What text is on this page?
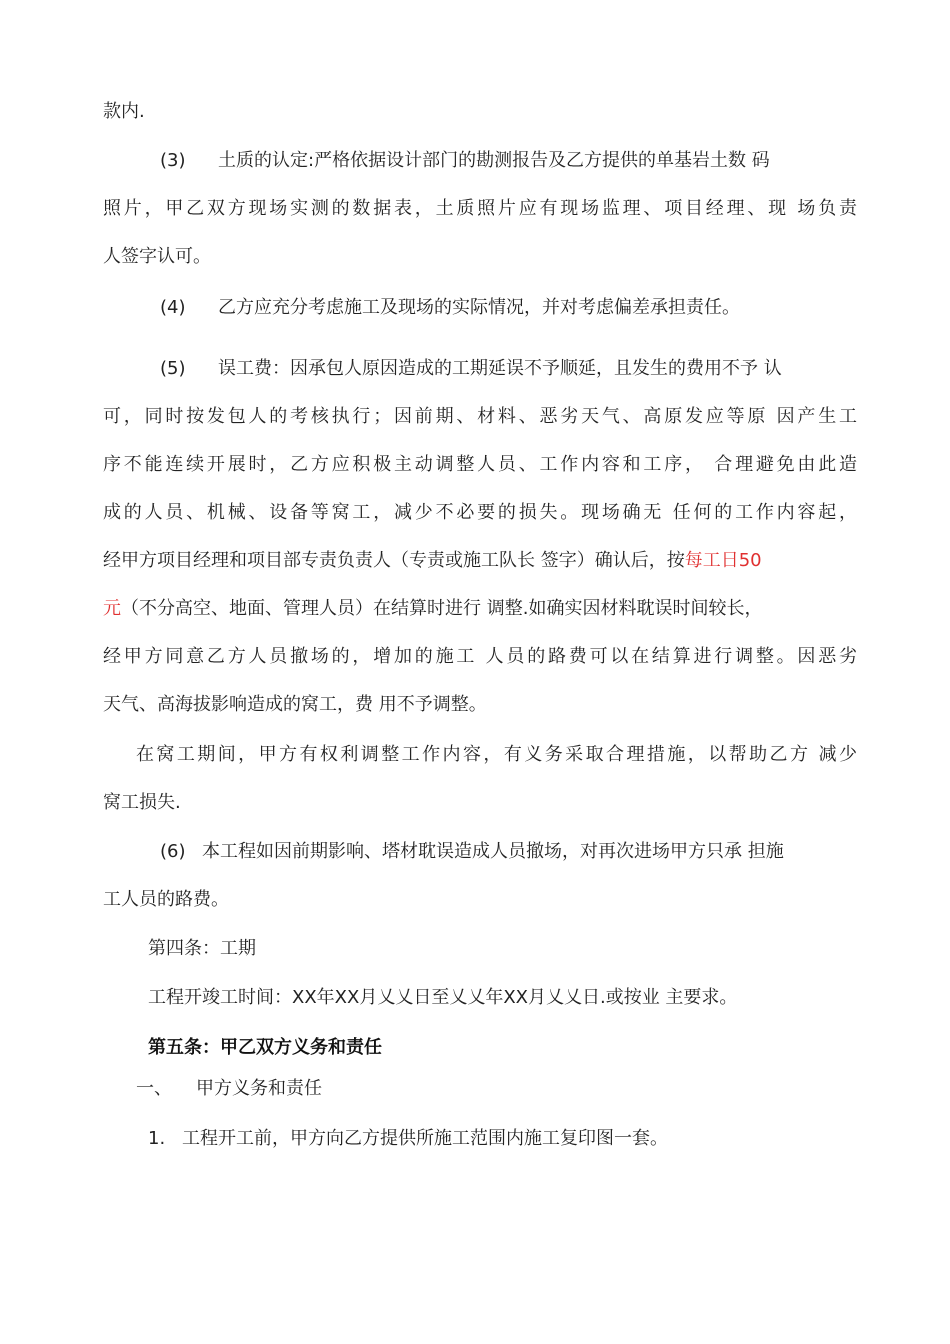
款内.
(3) 土质的认定:严格依据设计部门的勘测报告及乙方提供的单基岩土数 码
照片，甲乙双方现场实测的数据表，土质照片应有现场监理、项目经理、现 场负责
人签字认可。
(4) 乙方应充分考虑施工及现场的实际情况，并对考虑偏差承担责任。
(5) 误工费：因承包人原因造成的工期延误不予顺延，且发生的费用不予 认
可，同时按发包人的考核执行；因前期、材料、恶劣天气、高原发应等原 因产生工
序不能连续开展时，乙方应积极主动调整人员、工作内容和工序， 合理避免由此造
成的人员、机械、设备等窝工，减少不必要的损失。现场确无 任何的工作内容起，
经甲方项目经理和项目部专责负责人（专责或施工队长 签字）确认后，按每工日50
元（不分高空、地面、管理人员）在结算时进行 调整.如确实因材料耽误时间较长，
经甲方同意乙方人员撤场的，增加的施工 人员的路费可以在结算进行调整。因恶劣
天气、高海拔影响造成的窝工，费 用不予调整。
在窝工期间，甲方有权利调整工作内容，有义务采取合理措施，以帮助乙方 减少
窝工损失.
(6) 本工程如因前期影响、塔材耽误造成人员撤场，对再次进场甲方只承 担施
工人员的路费。
第四条：工期
工程开竣工时间：XX年XX月乂乂日至乂乂年XX月乂乂日.或按业 主要求。
第五条：甲乙双方义务和责任
一、 甲方义务和责任
1. 工程开工前，甲方向乙方提供所施工范围内施工复印图一套。
